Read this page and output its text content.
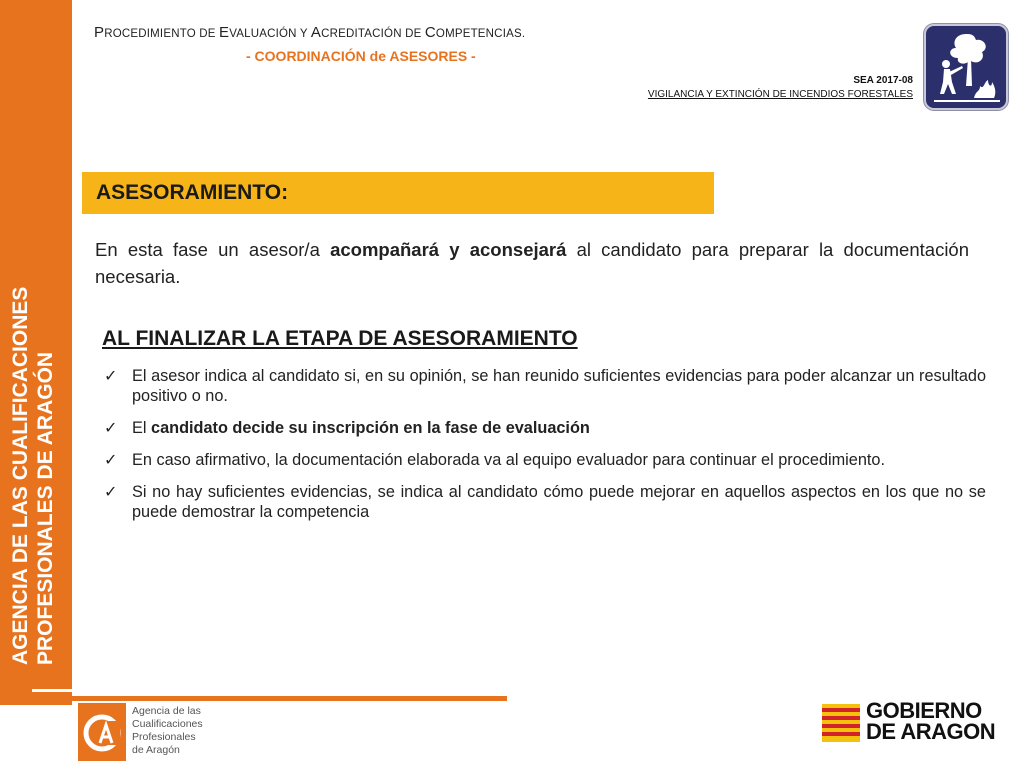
AGENCIA DE LAS CUALIFICACIONES PROFESIONALES DE ARAGÓN
PROCEDIMIENTO DE EVALUACIÓN Y ACREDITACIÓN DE COMPETENCIAS.
- COORDINACIÓN de ASESORES -
SEA 2017-08
VIGILANCIA Y EXTINCIÓN DE INCENDIOS FORESTALES
ASESORAMIENTO:

En esta fase un asesor/a acompañará y aconsejará al candidato para preparar la documentación necesaria.

AL FINALIZAR LA ETAPA DE ASESORAMIENTO
✓ El asesor indica al candidato si, en su opinión, se han reunido suficientes evidencias para poder alcanzar un resultado positivo o no.
✓ El candidato decide su inscripción en la fase de evaluación
✓ En caso afirmativo, la documentación elaborada va al equipo evaluador para continuar el procedimiento.
✓ Si no hay suficientes evidencias, se indica al candidato cómo puede mejorar en aquellos aspectos en los que no se puede demostrar la competencia
Agencia de las
Cualificaciones
Profesionales
de Aragón
GOBIERNO
DE ARAGON
